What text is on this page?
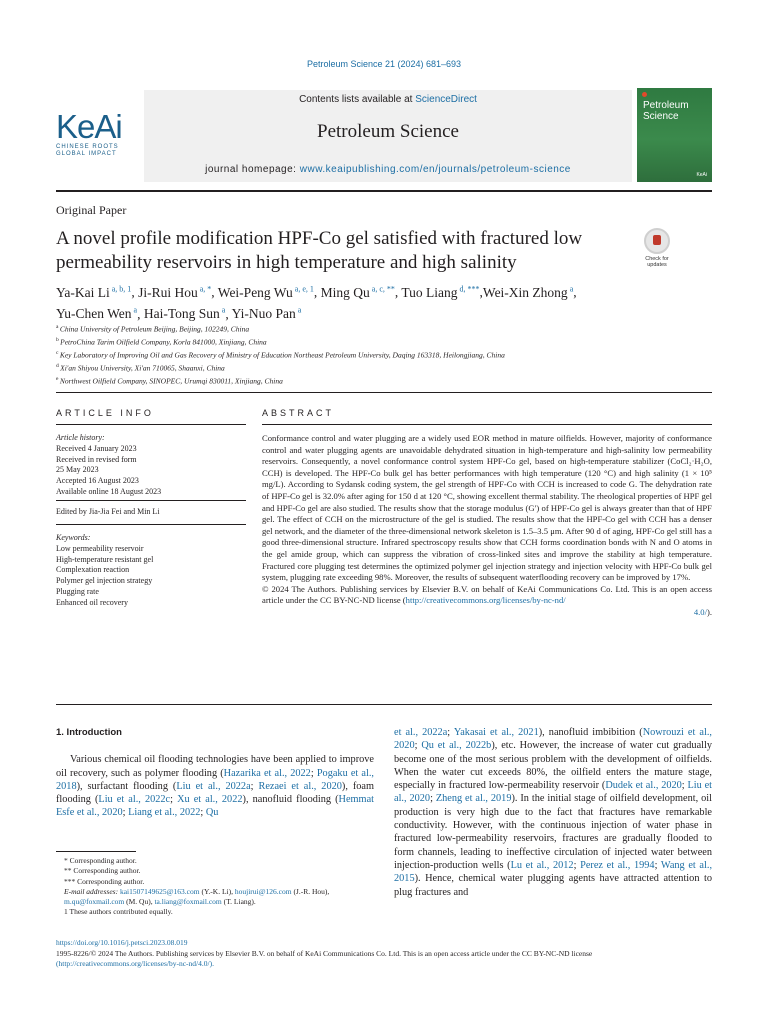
Petroleum Science 21 (2024) 681–693
KeAi
CHINESE ROOTS
GLOBAL IMPACT
Contents lists available at ScienceDirect
Petroleum Science
journal homepage: www.keaipublishing.com/en/journals/petroleum-science
Petroleum
Science
KeAi
Original Paper
A novel profile modification HPF-Co gel satisfied with fractured low permeability reservoirs in high temperature and high salinity	Check for updates
Ya-Kai Li $^{a, b, 1}$, Ji-Rui Hou $^{a, *}$, Wei-Peng Wu $^{a, e, 1}$, Ming Qu $^{a, c, **}$, Tuo Liang $^{d, ***}$,Wei-Xin Zhong $^a$, Yu-Chen Wen $^a$, Hai-Tong Sun $^a$, Yi-Nuo Pan $^a$
$^a$ China University of Petroleum Beijing, Beijing, 102249, China
$^b$ PetroChina Tarim Oilfield Company, Korla 841000, Xinjiang, China
$^c$ Key Laboratory of Improving Oil and Gas Recovery of Ministry of Education Northeast Petroleum University, Daqing 163318, Heilongjiang, China
$^d$ Xi'an Shiyou University, Xi'an 710065, Shaanxi, China
$^e$ Northwest Oilfield Company, SINOPEC, Urumqi 830011, Xinjiang, China
ARTICLE INFO	ABSTRACT
Article history:
Received 4 January 2023
Received in revised form
25 May 2023
Accepted 16 August 2023
Available online 18 August 2023
Edited by Jia-Jia Fei and Min Li
Keywords:
Low permeability reservoir
High-temperature resistant gel
Complexation reaction
Polymer gel injection strategy
Plugging rate
Enhanced oil recovery

Conformance control and water plugging are a widely used EOR method in mature oilfields. However, majority of conformance control and water plugging agents are unavoidable dehydrated situation in high-temperature and high-salinity low permeability reservoirs. Consequently, a novel conformance control system HPF-Co gel, based on high-temperature stabilizer (CoCl₂·H₂O, CCH) is developed. The HPF-Co bulk gel has better performances with high temperature (120 °C) and high salinity (1 × 10⁵ mg/L). According to Sydansk coding system, the gel strength of HPF-Co with CCH is increased to code G. The dehydration rate of HPF-Co gel is 32.0% after aging for 150 d at 120 °C, showing excellent thermal stability. The rheological properties of HPF gel and HPF-Co gel are also studied. The results show that the storage modulus (G′) of HPF-Co gel is always greater than that of HPF gel. The effect of CCH on the microstructure of the gel is studied. The results show that the HPF-Co gel with CCH has a denser gel network, and the diameter of the three-dimensional network skeleton is 1.5–3.5 μm. After 90 d of aging, HPF-Co gel still has a good three-dimensional structure. Infrared spectroscopy results show that CCH forms coordination bonds with N and O atoms in the gel amide group, which can suppress the vibration of cross-linked sites and improve the stability at high temperature. Fractured core plugging test determines the optimized polymer gel injection strategy and injection velocity with HPF-Co bulk gel system, plugging rate exceeding 98%. Moreover, the results of subsequent waterflooding recovery can be improved by 17%.

© 2024 The Authors. Publishing services by Elsevier B.V. on behalf of KeAi Communications Co. Ltd. This is an open access article under the CC BY-NC-ND license (http://creativecommons.org/licenses/by-nc-nd/

4.0/).

1. Introduction

Various chemical oil flooding technologies have been applied to improve oil recovery, such as polymer flooding (Hazarika et al., 2022; Pogaku et al., 2018), surfactant flooding (Liu et al., 2022a; Rezaei et al., 2020), foam flooding (Liu et al., 2022c; Xu et al., 2022), nanofluid flooding (Hemmat Esfe et al., 2020; Liang et al., 2022; Qu

et al., 2022a; Yakasai et al., 2021), nanofluid imbibition (Nowrouzi et al., 2020; Qu et al., 2022b), etc. However, the increase of water cut gradually become one of the most serious problem with the development of oilfields. When the water cut exceeds 80%, the oilfield enters the mature stage, especially in fractured low-permeability reservoir (Dudek et al., 2020; Liu et al., 2020; Zheng et al., 2019). In the initial stage of oilfield development, oil production is very high due to the fact that fractures have remarkable conductivity. However, with the continuous injection of water phase in fractured low-permeability reservoirs, fractures are gradually flooded to form channels, leading to ineffective circulation of injected water between injection-production wells (Lu et al., 2012; Perez et al., 1994; Wang et al., 2015). Hence, chemical water plugging agents have attracted attention to plug fractures and

* Corresponding author.
** Corresponding author.
*** Corresponding author.
E-mail addresses: kai1507149625@163.com (Y.-K. Li), houjirui@126.com (J.-R. Hou), m.qu@foxmail.com (M. Qu), ta.liang@foxmail.com (T. Liang).
1 These authors contributed equally.
https://doi.org/10.1016/j.petsci.2023.08.019
1995-8226/© 2024 The Authors. Publishing services by Elsevier B.V. on behalf of KeAi Communications Co. Ltd. This is an open access article under the CC BY-NC-ND license
(http://creativecommons.org/licenses/by-nc-nd/4.0/).
